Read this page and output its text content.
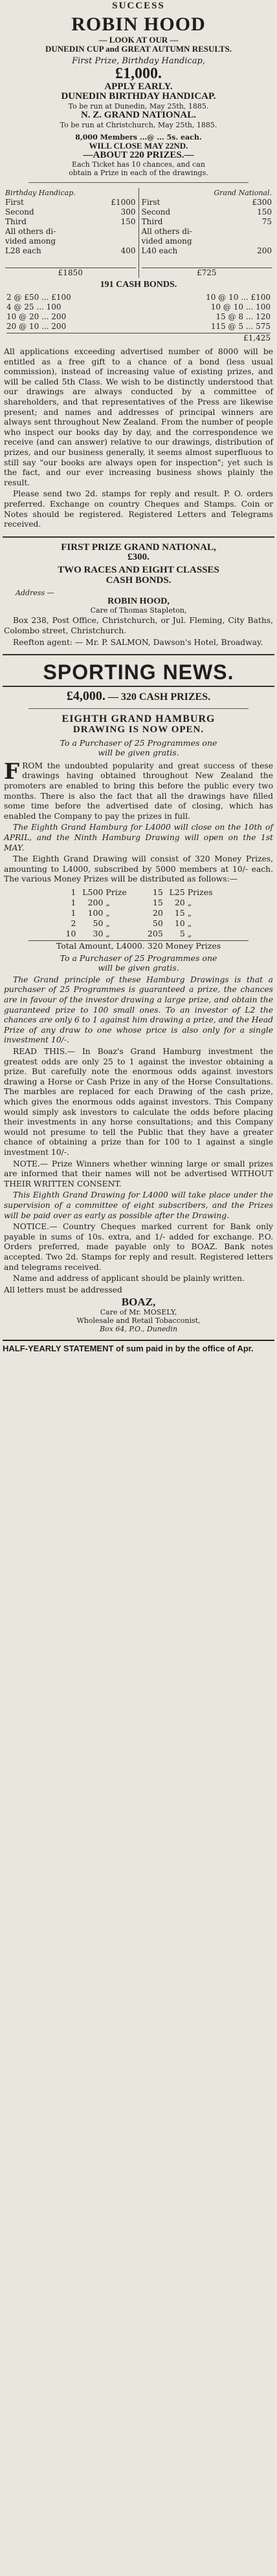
SUCCESS
ROBIN HOOD
— LOOK AT OUR —
DUNEDIN CUP and GREAT AUTUMN RESULTS.
First Prize, Birthday Handicap,
£1,000.
APPLY EARLY.
DUNEDIN BIRTHDAY HANDICAP.
To be run at Dunedin, May 25th, 1885.
N. Z. GRAND NATIONAL.
To be run at Christchurch, May 25th, 1885.
8,000 Members ...@ ... 5s. each.
WILL CLOSE MAY 22ND.
—ABOUT 220 PRIZES.—
Each Ticket has 10 chances, and can
obtain a Prize in each of the drawings.
Birthday Handicap.
First	£1000
Second	300
Third	150
All others di-
vided among
L28 each	400
£1850
Grand National.
First	£300
Second	150
Third	75
All others di-
vided among
L40 each	200
£725
191 CASH BONDS.
2 @ £50 ... £100	10 @ 10 ... £100
4 @ 25 ... 100	10 @ 10 ... 100
10 @ 20 ... 200	15 @ 8 ... 120
20 @ 10 ... 200	115 @ 5 ... 575
£1,425

All applications exceeding advertised number of 8000 will be entitled as a free gift to a chance of a bond (less usual commission), instead of increasing value of existing prizes, and will be called 5th Class. We wish to be distinctly understood that our drawings are always conducted by a committee of shareholders, and that representatives of the Press are likewise present; and names and addresses of principal winners are always sent throughout New Zealand. From the number of people who inspect our books day by day, and the correspondence we receive (and can answer) relative to our drawings, distribution of prizes, and our business generally, it seems almost superfluous to still say "our books are always open for inspection"; yet such is the fact, and our ever increasing business shows plainly the result.

Please send two 2d. stamps for reply and result. P. O. orders preferred. Exchange on country Cheques and Stamps. Coin or Notes should be registered. Registered Letters and Telegrams received.

FIRST PRIZE GRAND NATIONAL,
£300.
TWO RACES AND EIGHT CLASSES
CASH BONDS.
Address —
ROBIN HOOD,
Care of Thomas Stapleton,

Box 238, Post Office, Christchurch, or Jul. Fleming, City Baths, Colombo street, Christchurch.

Reefton agent: — Mr. P. SALMON, Dawson's Hotel, Broadway.

SPORTING NEWS.
£4,000. — 320 CASH PRIZES.
EIGHTH GRAND HAMBURG
DRAWING IS NOW OPEN.
To a Purchaser of 25 Programmes one
will be given gratis.

FROM the undoubted popularity and great success of these drawings having obtained throughout New Zealand the promoters are enabled to bring this before the public every two months. There is also the fact that all the drawings have filled some time before the advertised date of closing, which has enabled the Company to pay the prizes in full.

The Eighth Grand Hamburg for L4000 will close on the 10th of APRIL, and the Ninth Hamburg Drawing will open on the 1st MAY.

The Eighth Grand Drawing will consist of 320 Money Prizes, amounting to L4000, subscribed by 5000 members at 10/- each. The various Money Prizes will be distributed as follows:—

1 L500 Prize
1 200 „
1 100 „
2 50 „
10 30 „
15 L25 Prizes
15 20 „
20 15 „
50 10 „
205 5 „
Total Amount, L4000. 320 Money Prizes
To a Purchaser of 25 Programmes one
will be given gratis.

The Grand principle of these Hamburg Drawings is that a purchaser of 25 Programmes is guaranteed a prize, the chances are in favour of the investor drawing a large prize, and obtain the guaranteed prize to 100 small ones. To an investor of L2 the chances are only 6 to 1 against him drawing a prize, and the Head Prize of any draw to one whose price is also only for a single investment 10/-.

READ THIS.— In Boaz's Grand Hamburg investment the greatest odds are only 25 to 1 against the investor obtaining a prize. But carefully note the enormous odds against investors drawing a Horse or Cash Prize in any of the Horse Consultations. The marbles are replaced for each Drawing of the cash prize, which gives the enormous odds against investors. This Company would simply ask investors to calculate the odds before placing their investments in any horse consultations; and this Company would not presume to tell the Public that they have a greater chance of obtaining a prize than for 100 to 1 against a single investment 10/-.

NOTE.— Prize Winners whether winning large or small prizes are informed that their names will not be advertised WITHOUT THEIR WRITTEN CONSENT.

This Eighth Grand Drawing for L4000 will take place under the supervision of a committee of eight subscribers, and the Prizes will be paid over as early as possible after the Drawing.

NOTICE.— Country Cheques marked current for Bank only payable in sums of 10s. extra, and 1/- added for exchange. P.O. Orders preferred, made payable only to BOAZ. Bank notes accepted. Two 2d. Stamps for reply and result. Registered letters and telegrams received.

Name and address of applicant should be plainly written.

All letters must be addressed

BOAZ,
Care of Mr. MOSELY,
Wholesale and Retail Tobacconist,
Box 64, P.O., Dunedin
HALF-YEARLY STATEMENT of sum paid in by the office of Apr.
